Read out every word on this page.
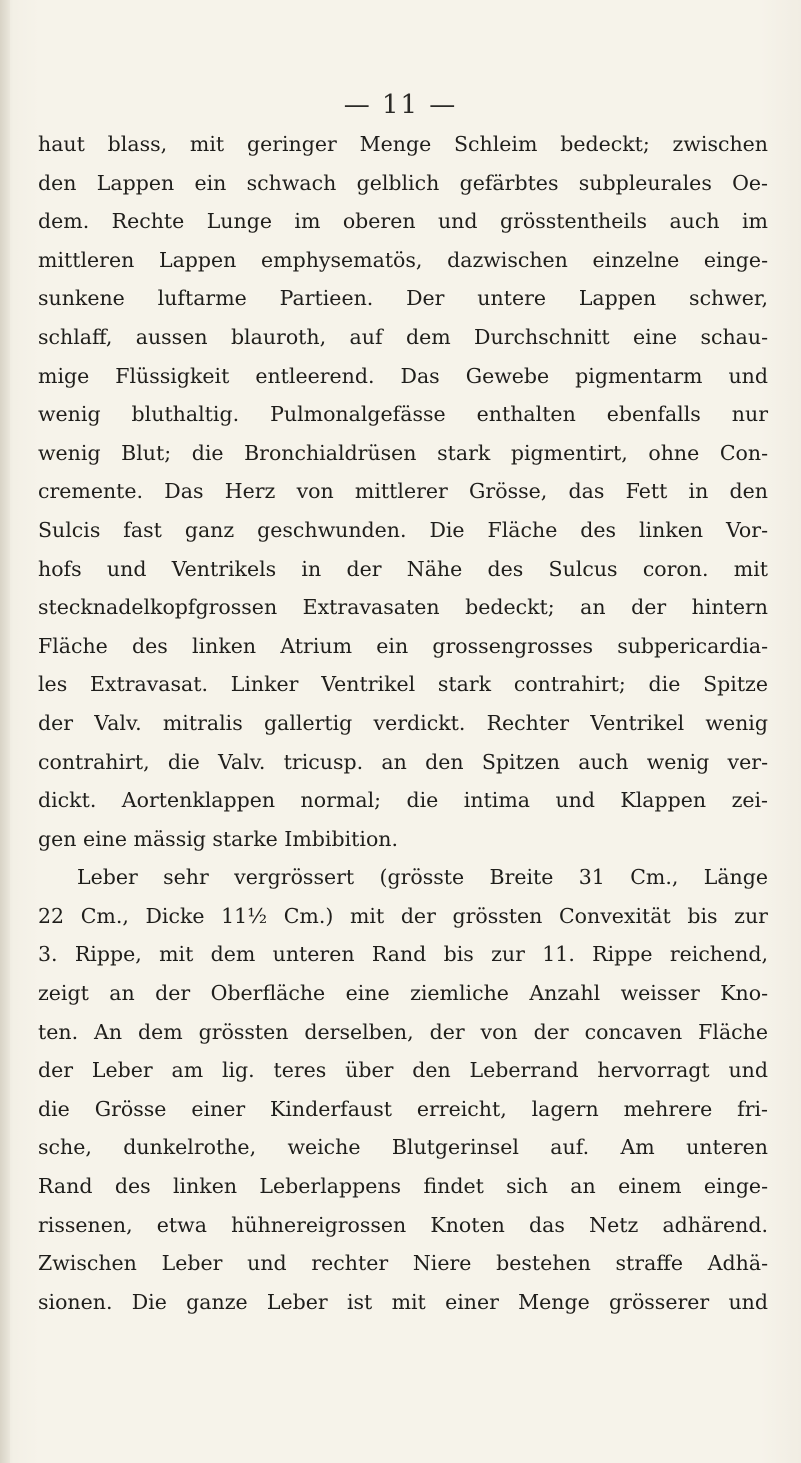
— 11 —
haut blass, mit geringer Menge Schleim bedeckt; zwischen
den Lappen ein schwach gelblich gefärbtes subpleurales Oe-
dem. Rechte Lunge im oberen und grösstentheils auch im
mittleren Lappen emphysematös, dazwischen einzelne einge-
sunkene luftarme Partieen. Der untere Lappen schwer,
schlaff, aussen blauroth, auf dem Durchschnitt eine schau-
mige Flüssigkeit entleerend. Das Gewebe pigmentarm und
wenig bluthaltig. Pulmonalgefässe enthalten ebenfalls nur
wenig Blut; die Bronchialdrüsen stark pigmentirt, ohne Con-
cremente. Das Herz von mittlerer Grösse, das Fett in den
Sulcis fast ganz geschwunden. Die Fläche des linken Vor-
hofs und Ventrikels in der Nähe des Sulcus coron. mit
stecknadelkopfgrossen Extravasaten bedeckt; an der hintern
Fläche des linken Atrium ein grossengrosses subpericardia-
les Extravasat. Linker Ventrikel stark contrahirt; die Spitze
der Valv. mitralis gallertig verdickt. Rechter Ventrikel wenig
contrahirt, die Valv. tricusp. an den Spitzen auch wenig ver-
dickt. Aortenklappen normal; die intima und Klappen zei-
gen eine mässig starke Imbibition.
Leber sehr vergrössert (grösste Breite 31 Cm., Länge
22 Cm., Dicke 11½ Cm.) mit der grössten Convexität bis zur
3. Rippe, mit dem unteren Rand bis zur 11. Rippe reichend,
zeigt an der Oberfläche eine ziemliche Anzahl weisser Kno-
ten. An dem grössten derselben, der von der concaven Fläche
der Leber am lig. teres über den Leberrand hervorragt und
die Grösse einer Kinderfaust erreicht, lagern mehrere fri-
sche, dunkelrothe, weiche Blutgerinsel auf. Am unteren
Rand des linken Leberlappens findet sich an einem einge-
rissenen, etwa hühnereigrossen Knoten das Netz adhärend.
Zwischen Leber und rechter Niere bestehen straffe Adhä-
sionen. Die ganze Leber ist mit einer Menge grösserer und
